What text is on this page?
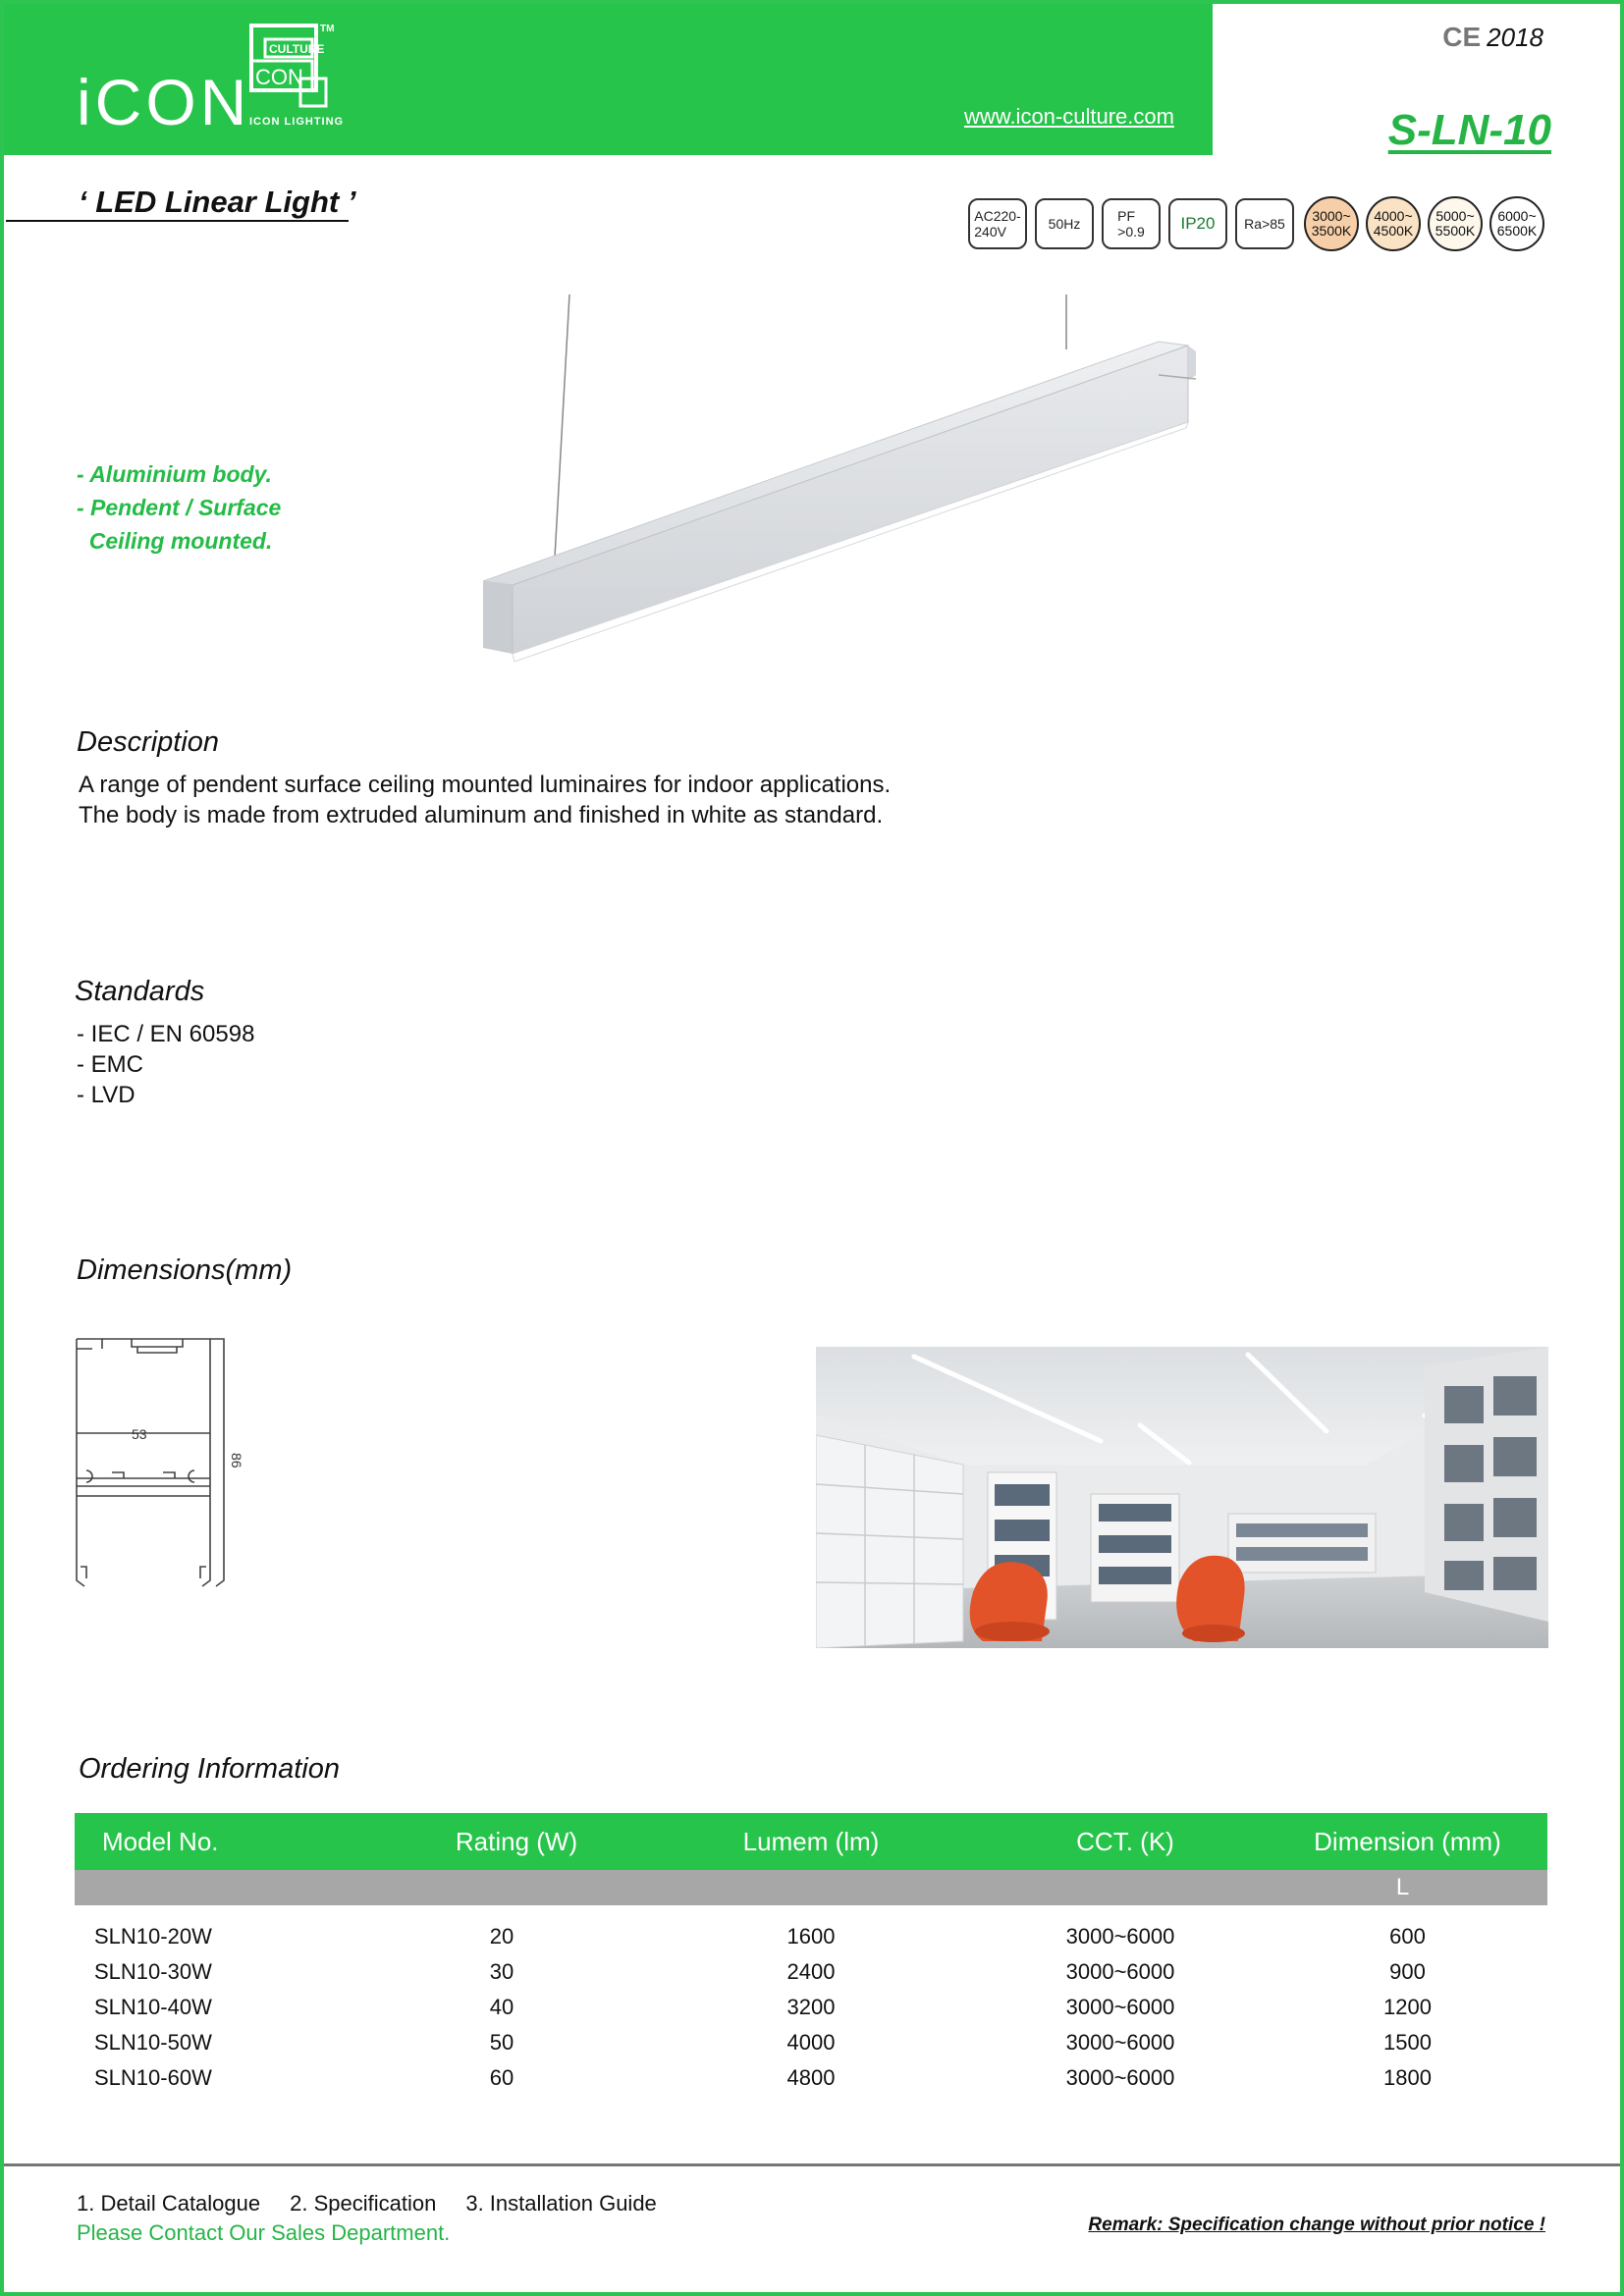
iCON
CULTURE
CON
TM
ICON LIGHTING	www.icon-culture.com
CE 2018
S-LN-10
‘ LED Linear Light ’	AC220-
240V
50Hz
PF
>0.9	IP20	Ra>85	3000~
3500K
4000~
4500K
5000~
5500K
6000~
6500K
- Aluminium body.
- Pendent / Surface
Ceiling mounted.
Description
A range of pendent surface ceiling mounted luminaires for indoor applications.
The body is made from extruded aluminum and finished in white as standard.
Standards
- IEC / EN 60598
- EMC
- LVD
Dimensions(mm)
53
86
Ordering Information
Model No.	Rating (W)	Lumem (lm)	CCT. (K)	Dimension (mm)
				L

SLN10-20W	20	1600	3000~6000	600
SLN10-30W	30	2400	3000~6000	900
SLN10-40W	40	3200	3000~6000	1200
SLN10-50W	50	4000	3000~6000	1500
SLN10-60W	60	4800	3000~6000	1800
1. Detail Catalogue 2. Specification 3. Installation Guide
Please Contact Our Sales Department.	Remark: Specification change without prior notice !
